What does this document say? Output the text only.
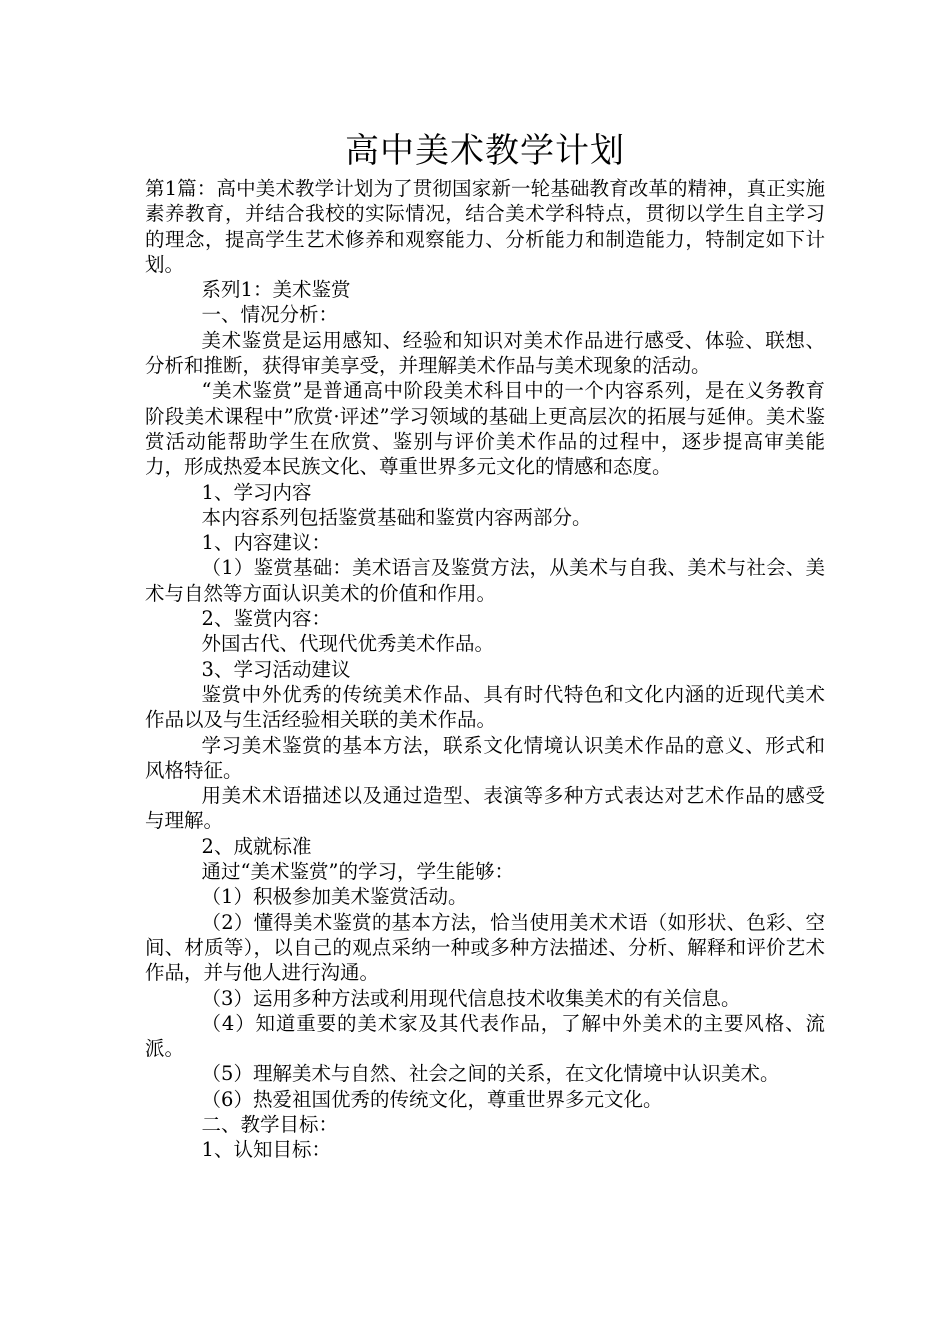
高中美术教学计划

第1篇：高中美术教学计划为了贯彻国家新一轮基础教育改革的精神，真正实施素养教育，并结合我校的实际情况，结合美术学科特点，贯彻以学生自主学习的理念，提高学生艺术修养和观察能力、分析能力和制造能力，特制定如下计划。

系列1：美术鉴赏

一、情况分析：

美术鉴赏是运用感知、经验和知识对美术作品进行感受、体验、联想、分析和推断，获得审美享受，并理解美术作品与美术现象的活动。

“美术鉴赏”是普通高中阶段美术科目中的一个内容系列，是在义务教育阶段美术课程中”欣赏·评述”学习领域的基础上更高层次的拓展与延伸。美术鉴赏活动能帮助学生在欣赏、鉴别与评价美术作品的过程中，逐步提高审美能力，形成热爱本民族文化、尊重世界多元文化的情感和态度。

1、学习内容

本内容系列包括鉴赏基础和鉴赏内容两部分。

1、内容建议：

（1）鉴赏基础：美术语言及鉴赏方法，从美术与自我、美术与社会、美术与自然等方面认识美术的价值和作用。

2、鉴赏内容：

外国古代、代现代优秀美术作品。

3、学习活动建议

鉴赏中外优秀的传统美术作品、具有时代特色和文化内涵的近现代美术作品以及与生活经验相关联的美术作品。

学习美术鉴赏的基本方法，联系文化情境认识美术作品的意义、形式和风格特征。

用美术术语描述以及通过造型、表演等多种方式表达对艺术作品的感受与理解。

2、成就标准

通过“美术鉴赏”的学习，学生能够：

（1）积极参加美术鉴赏活动。

（2）懂得美术鉴赏的基本方法，恰当使用美术术语（如形状、色彩、空间、材质等），以自己的观点采纳一种或多种方法描述、分析、解释和评价艺术作品，并与他人进行沟通。

（3）运用多种方法或利用现代信息技术收集美术的有关信息。

（4）知道重要的美术家及其代表作品，了解中外美术的主要风格、流派。

（5）理解美术与自然、社会之间的关系，在文化情境中认识美术。

（6）热爱祖国优秀的传统文化，尊重世界多元文化。

二、教学目标：

1、认知目标：
